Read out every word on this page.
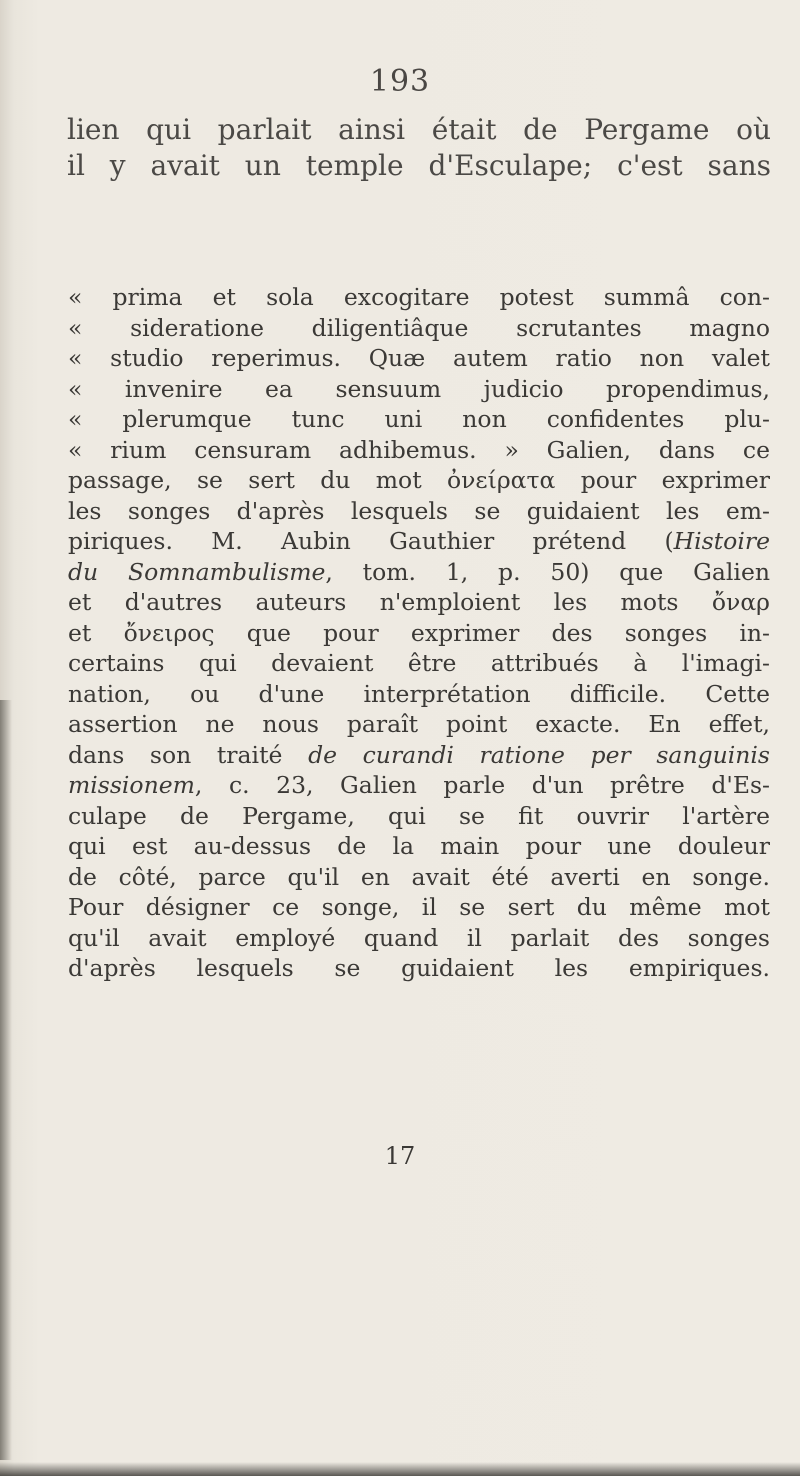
193
lien qui parlait ainsi était de Pergame où
il y avait un temple d'Esculape; c'est sans
« prima et sola excogitare potest summâ con-
« sideratione diligentiâque scrutantes magno
« studio reperimus. Quæ autem ratio non valet
« invenire ea sensuum judicio propendimus,
« plerumque tunc uni non confidentes plu-
« rium censuram adhibemus. » Galien, dans ce
passage, se sert du mot ὀνείρατα pour exprimer
les songes d'après lesquels se guidaient les em-
piriques. M. Aubin Gauthier prétend (Histoire
du Somnambulisme, tom. 1, p. 50) que Galien
et d'autres auteurs n'emploient les mots ὄναρ
et ὄνειρος que pour exprimer des songes in-
certains qui devaient être attribués à l'imagi-
nation, ou d'une interprétation difficile. Cette
assertion ne nous paraît point exacte. En effet,
dans son traité de curandi ratione per sanguinis
missionem, c. 23, Galien parle d'un prêtre d'Es-
culape de Pergame, qui se fit ouvrir l'artère
qui est au-dessus de la main pour une douleur
de côté, parce qu'il en avait été averti en songe.
Pour désigner ce songe, il se sert du même mot
qu'il avait employé quand il parlait des songes
d'après lesquels se guidaient les empiriques.
17
